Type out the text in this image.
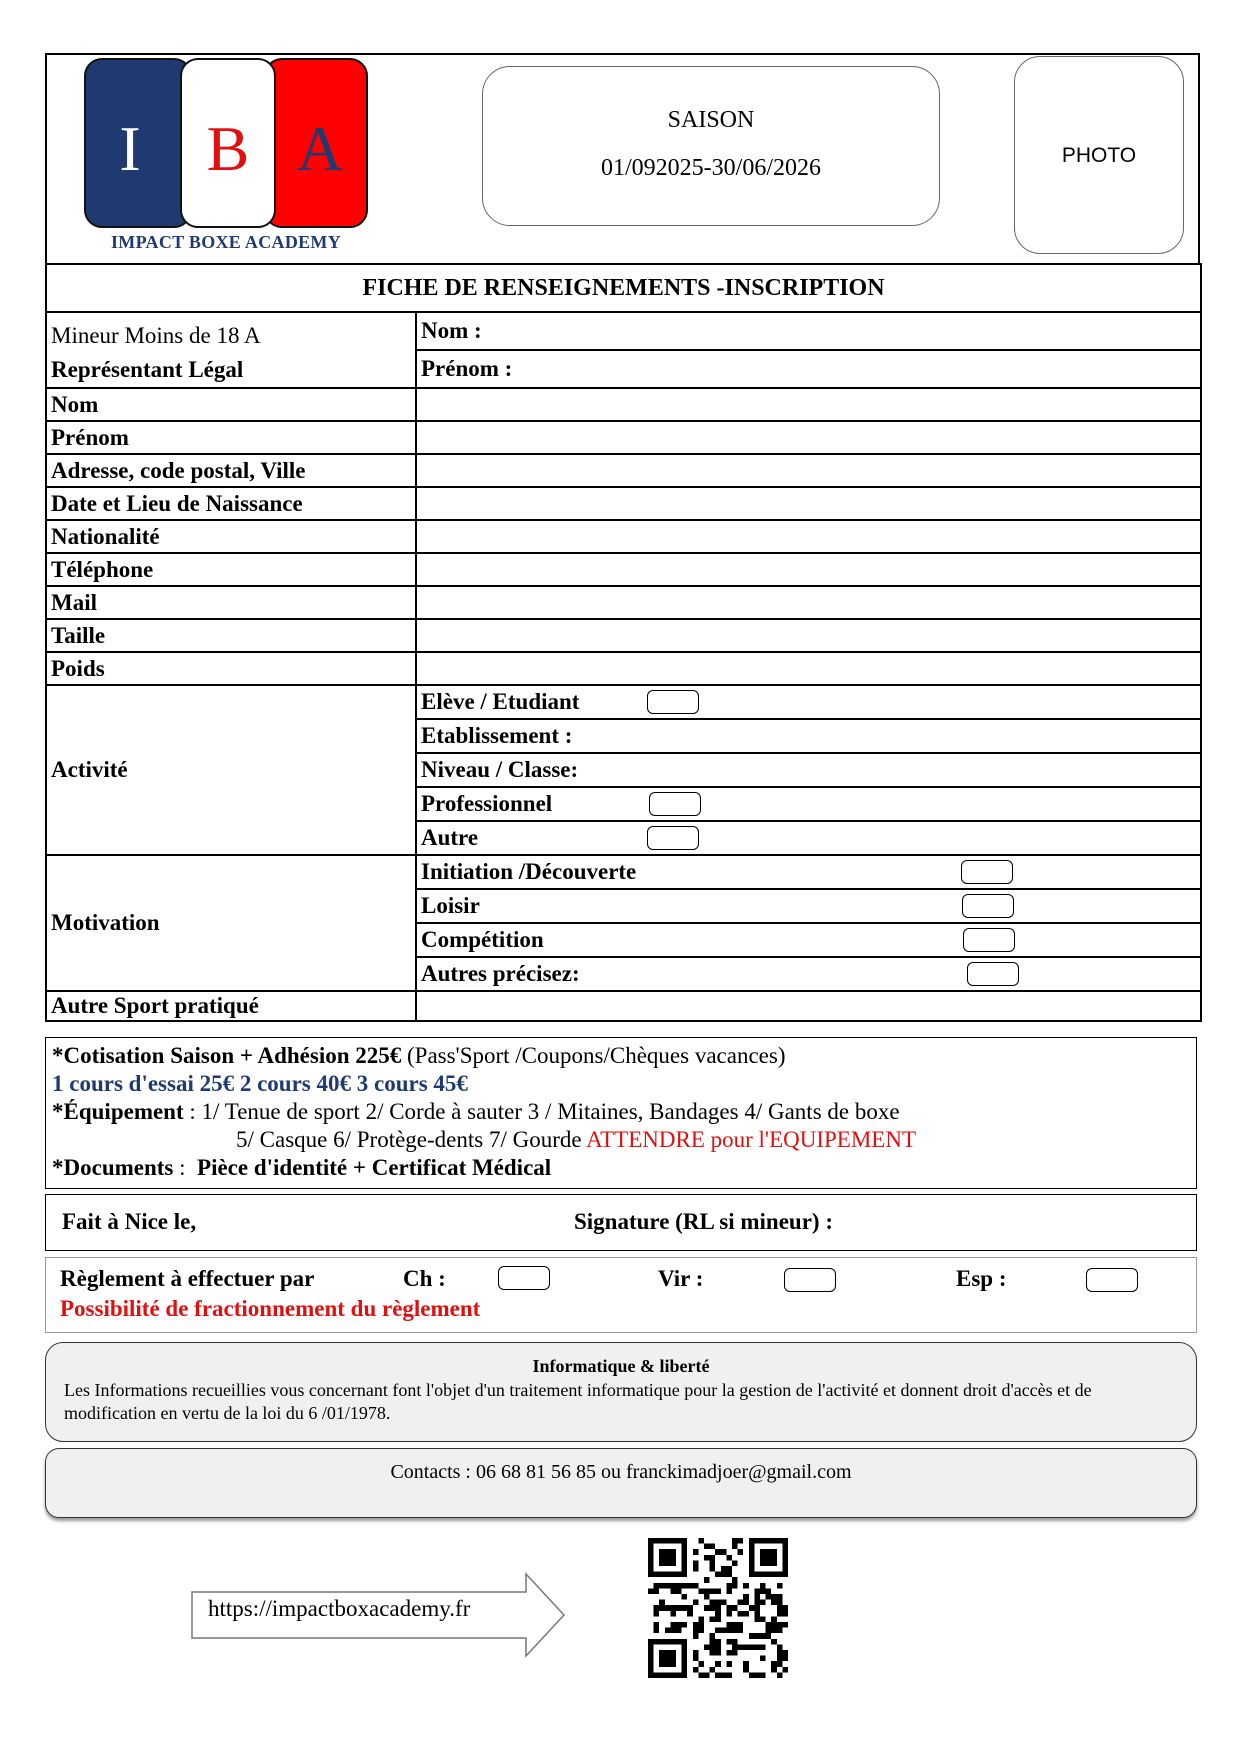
I	B A
IMPACT BOXE ACADEMY
SAISON
01/092025-30/06/2026	PHOTO
FICHE DE RENSEIGNEMENTS -INSCRIPTION	

Mineur Moins de 18 A
Représentant Légal	Nom :
	Prénom :
Nom	
Prénom	
Adresse, code postal, Ville	
Date et Lieu de Naissance	
Nationalité	
Téléphone	
Mail	
Taille	
Poids	
Activité	Elève / Etudiant

	Etablissement :
	Niveau / Classe:
	Professionnel

	Autre

Motivation	Initiation /Découverte

	Loisir

	Compétition

	Autres précisez:

Autre Sport pratiqué	
*Cotisation Saison + Adhésion 225€ (Pass'Sport /Coupons/Chèques vacances)
1 cours d'essai 25€ 2 cours 40€ 3 cours 45€
*Équipement : 1/ Tenue de sport 2/ Corde à sauter 3 / Mitaines, Bandages 4/ Gants de boxe
5/ Casque 6/ Protège-dents 7/ Gourde ATTENDRE pour l'EQUIPEMENT
*Documents :  Pièce d'identité + Certificat Médical
Fait à Nice le,	Signature (RL si mineur) :
Règlement à effectuer par	Ch :	Vir :	Esp :
Possibilité de fractionnement du règlement
Informatique & liberté
Les Informations recueillies vous concernant font l'objet d'un traitement informatique pour la gestion de l'activité et donnent droit d'accès et de modification en vertu de la loi du 6 /01/1978.
Contacts : 06 68 81 56 85 ou franckimadjoer@gmail.com
https://impactboxacademy.fr
